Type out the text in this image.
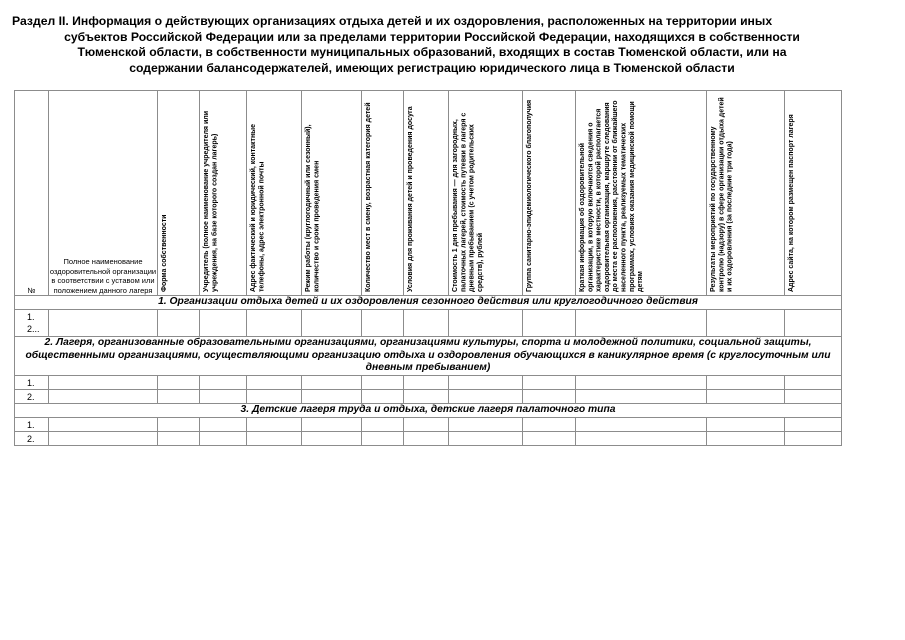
Раздел II. Информация о действующих организациях отдыха детей и их оздоровления, расположенных на территории иных
субъектов Российской Федерации или за пределами территории Российской Федерации, находящихся в собственности
Тюменской области, в собственности муниципальных образований, входящих в состав Тюменской области, или на
содержании балансодержателей, имеющих регистрацию юридического лица в Тюменской области
№	Полное наименование оздоровительной организации в соответствии с уставом или положением данного лагеря	Форма собственности	Учредитель (полное наименование учредителя или учреждения, на базе которого создан лагерь)	Адрес фактический и юридический, контактные телефоны, адрес электронной почты	Режим работы (круглогодичный или сезонный), количество и сроки проведения смен	Количество мест в смену, возрастная категория детей	Условия для проживания детей и проведения досуга	Стоимость 1 дня пребывания — для загородных, палаточных лагерей, стоимость путевки в лагеря с дневным пребыванием (с учетом родительских средств), рублей	Группа санитарно-эпидемиологического благополучия	Краткая информация об оздоровительной организации, в которую включаются сведения о характеристике местности, в которой располагается оздоровительная организация, маршруте следования до места ее расположения, расстоянии от ближайшего населенного пункта, реализуемых тематических программах, условиях оказания медицинской помощи детям	Результаты мероприятий по государственному контролю (надзору) в сфере организации отдыха детей и их оздоровления (за последние три года)	Адрес сайта, на котором размещен паспорт лагеря

1. Организации отдыха детей и их оздоровления сезонного действия или круглогодичного действия												

1.
2...												

2. Лагеря, организованные образовательными организациями, организациями культуры, спорта и молодежной политики, социальной защиты, общественными организациями, осуществляющими организацию отдыха и оздоровления обучающихся в каникулярное время (с круглосуточным или дневным пребыванием)												
1.												
2.												
3. Детские лагеря труда и отдыха, детские лагеря палаточного типа												
1.												
2.												
